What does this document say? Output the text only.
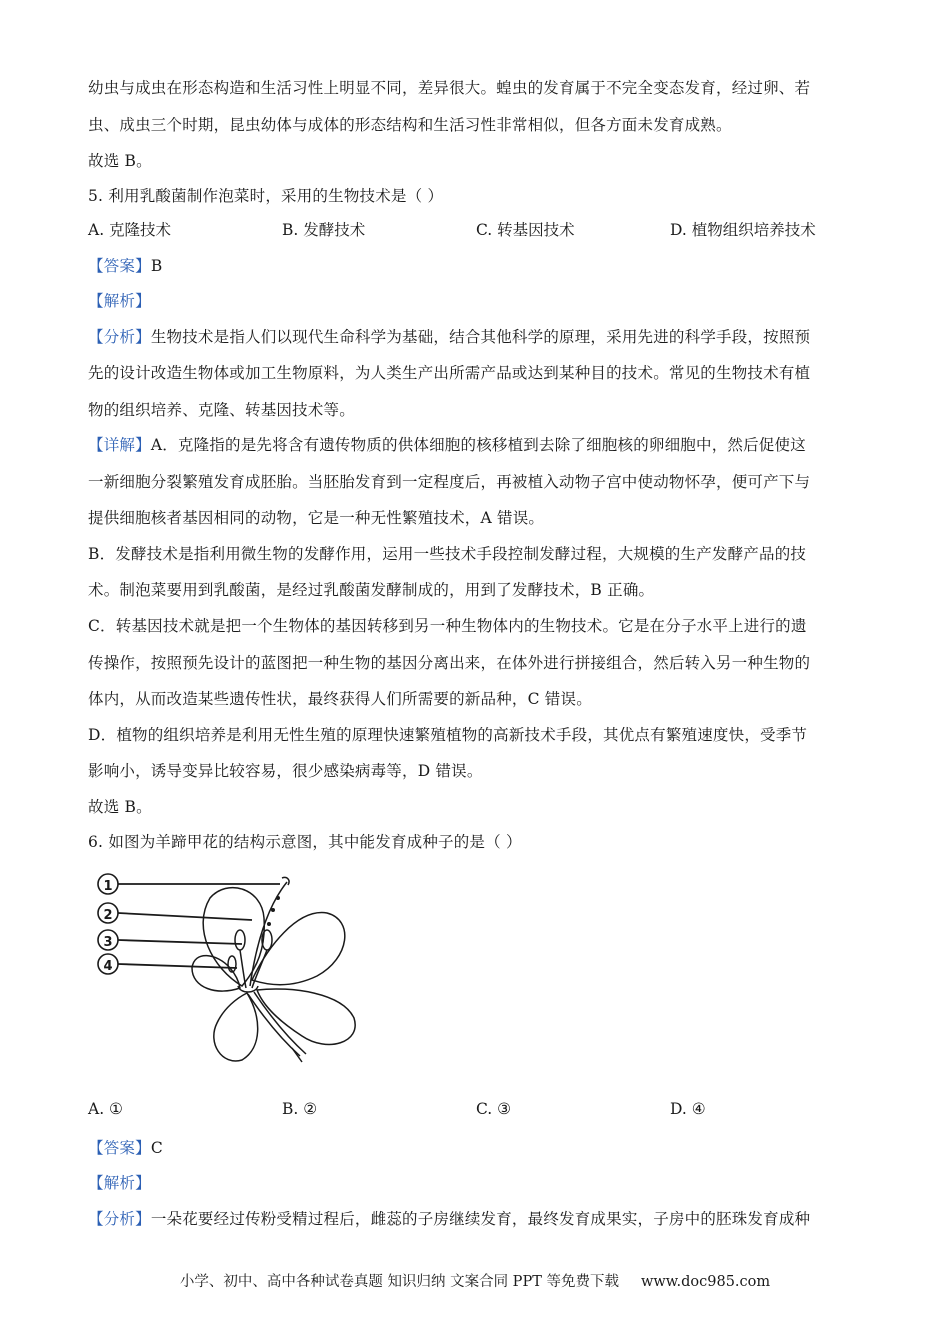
幼虫与成虫在形态构造和生活习性上明显不同，差异很大。蝗虫的发育属于不完全变态发育，经过卵、若
虫、成虫三个时期，昆虫幼体与成体的形态结构和生活习性非常相似，但各方面未发育成熟。
故选 B。
5. 利用乳酸菌制作泡菜时，采用的生物技术是（ ）
A. 克隆技术	B. 发酵技术	C. 转基因技术	D. 植物组织培养技术
【答案】B
【解析】
【分析】生物技术是指人们以现代生命科学为基础，结合其他科学的原理，采用先进的科学手段，按照预
先的设计改造生物体或加工生物原料，为人类生产出所需产品或达到某种目的技术。常见的生物技术有植
物的组织培养、克隆、转基因技术等。
【详解】A．克隆指的是先将含有遗传物质的供体细胞的核移植到去除了细胞核的卵细胞中，然后促使这
一新细胞分裂繁殖发育成胚胎。当胚胎发育到一定程度后，再被植入动物子宫中使动物怀孕，便可产下与
提供细胞核者基因相同的动物，它是一种无性繁殖技术，A 错误。
B．发酵技术是指利用微生物的发酵作用，运用一些技术手段控制发酵过程，大规模的生产发酵产品的技
术。制泡菜要用到乳酸菌，是经过乳酸菌发酵制成的，用到了发酵技术，B 正确。
C．转基因技术就是把一个生物体的基因转移到另一种生物体内的生物技术。它是在分子水平上进行的遗
传操作，按照预先设计的蓝图把一种生物的基因分离出来，在体外进行拼接组合，然后转入另一种生物的
体内，从而改造某些遗传性状，最终获得人们所需要的新品种，C 错误。
D．植物的组织培养是利用无性生殖的原理快速繁殖植物的高新技术手段，其优点有繁殖速度快，受季节
影响小，诱导变异比较容易，很少感染病毒等，D 错误。
故选 B。
6. 如图为羊蹄甲花的结构示意图，其中能发育成种子的是（ ）
1
2
3
4
A. ①	B. ②	C. ③	D. ④
【答案】C
【解析】
【分析】一朵花要经过传粉受精过程后，雌蕊的子房继续发育，最终发育成果实，子房中的胚珠发育成种
小学、初中、高中各种试卷真题 知识归纳 文案合同 PPT 等免费下载 www.doc985.com
